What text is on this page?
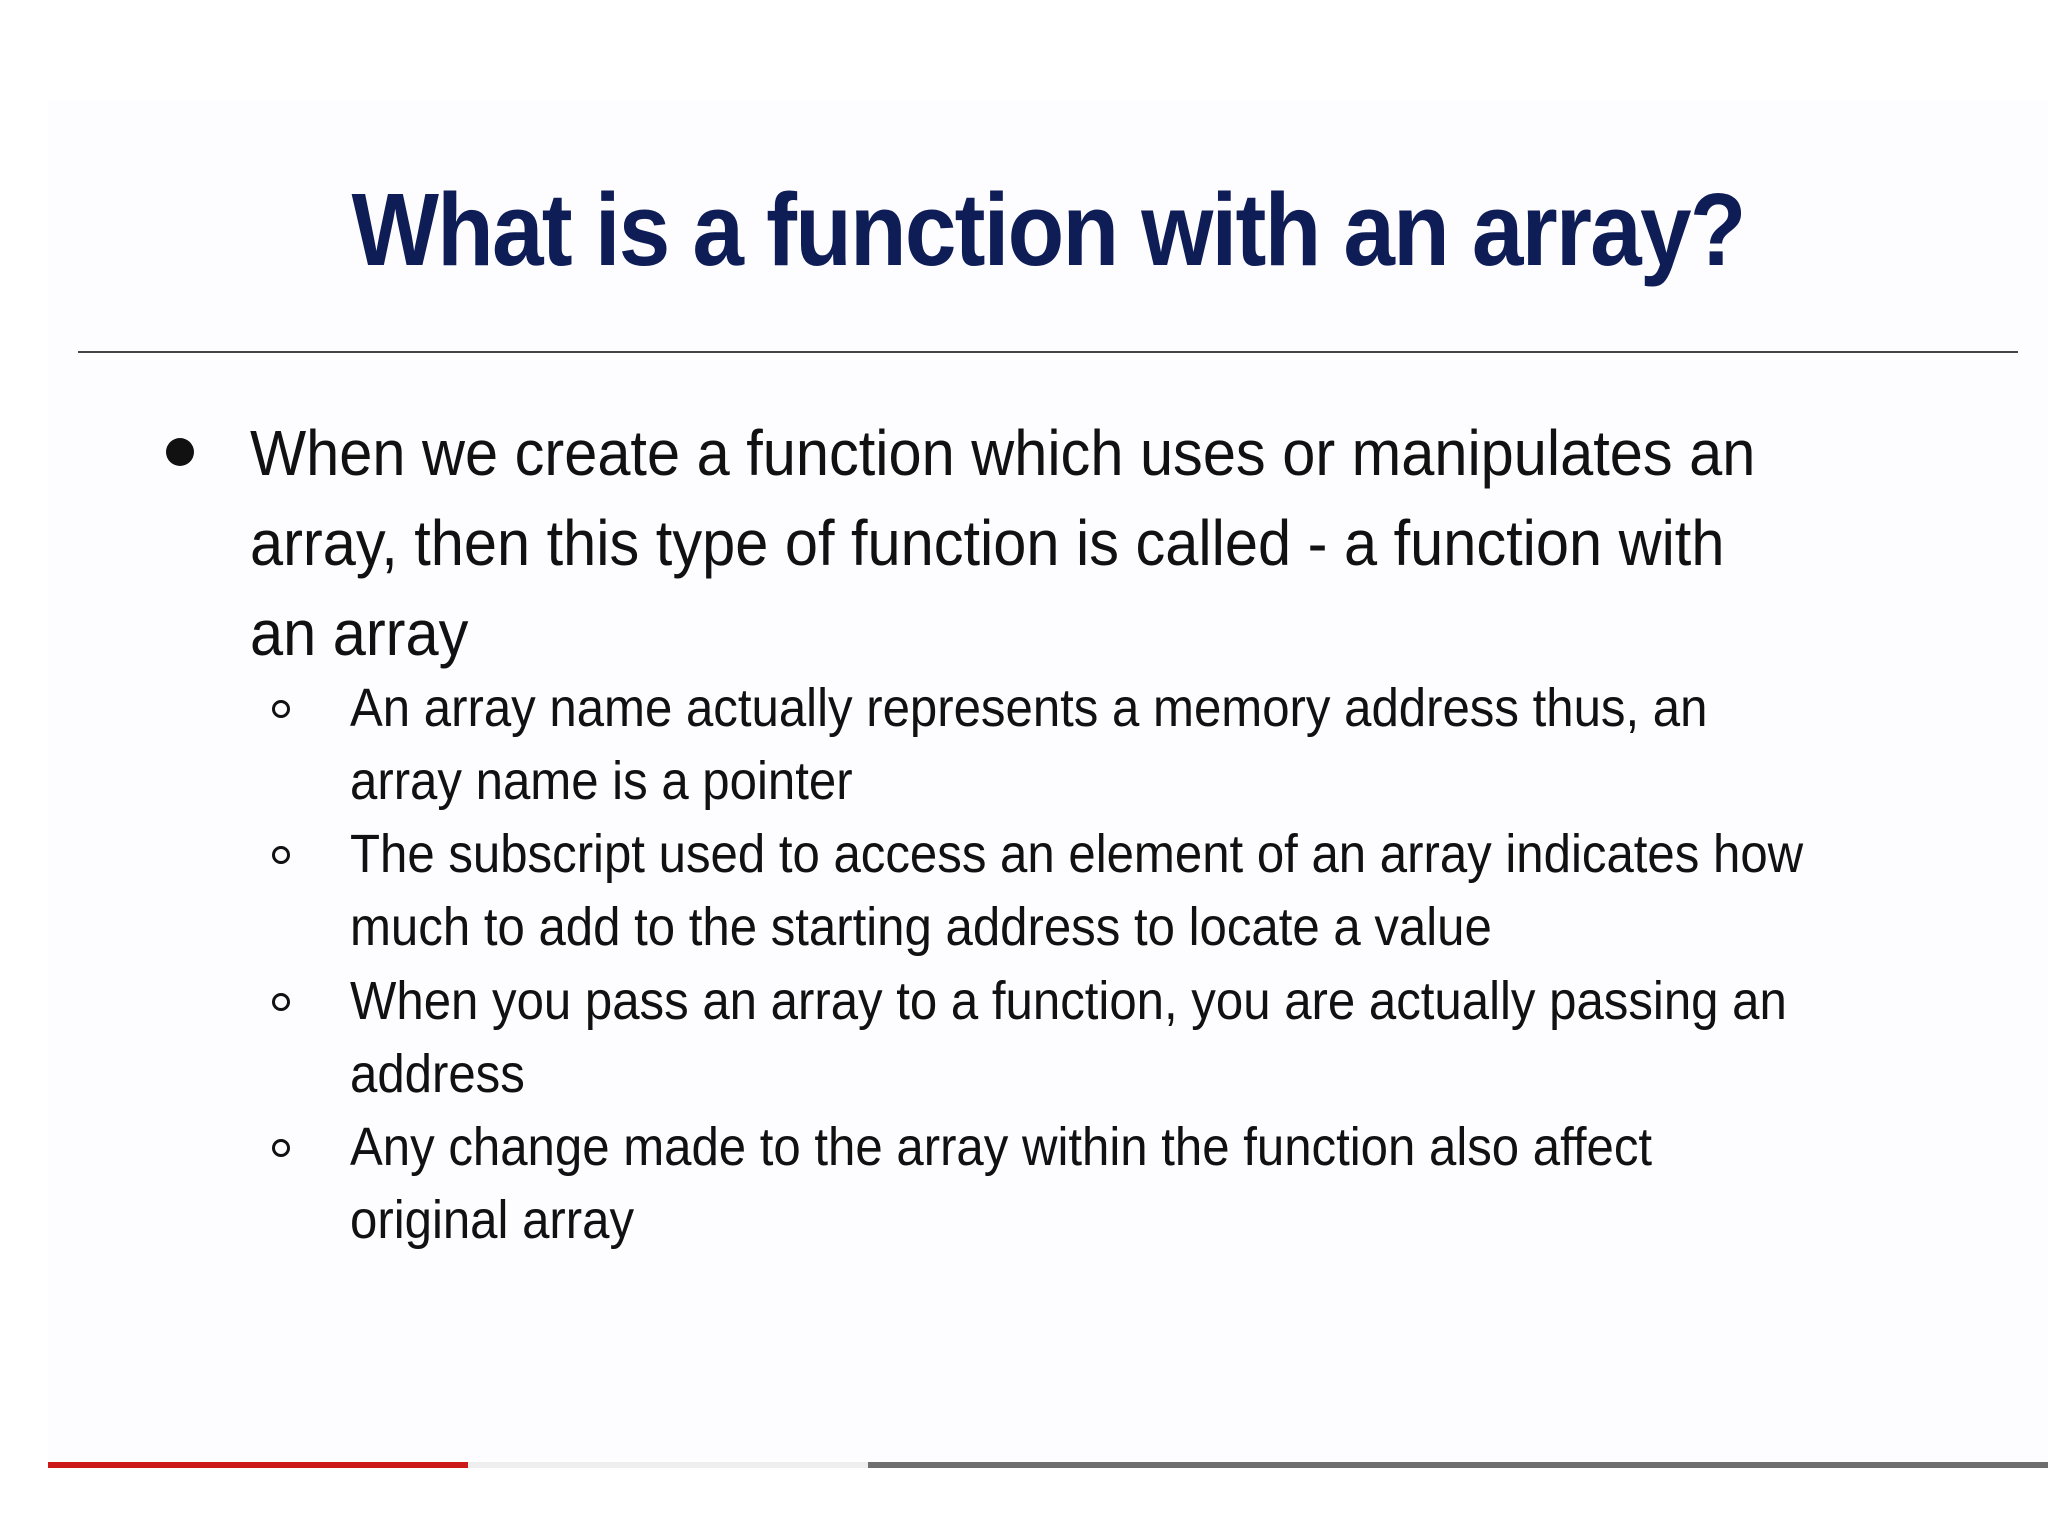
What is a function with an array?
When we create a function which uses or manipulates an array, then this type of function is called - a function with an array
An array name actually represents a memory address thus, an array name is a pointer
The subscript used to access an element of an array indicates how much to add to the starting address to locate a value
When you pass an array to a function, you are actually passing an address
Any change made to the array within the function also affect original array
